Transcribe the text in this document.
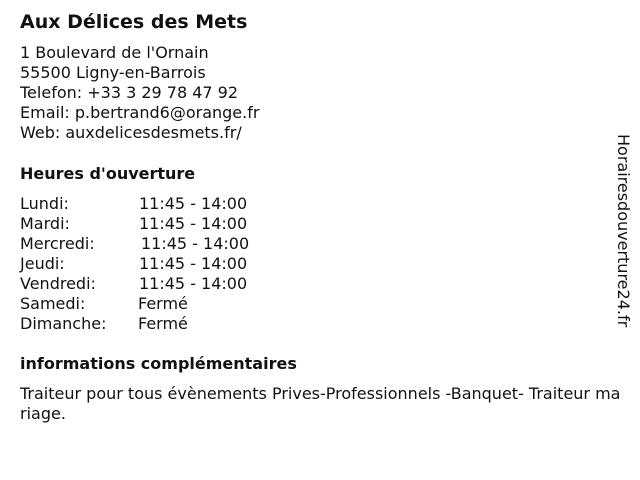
Aux Délices des Mets
1 Boulevard de l'Ornain
55500 Ligny-en-Barrois
Telefon: +33 3 29 78 47 92
Email: p.bertrand6@orange.fr
Web: auxdelicesdesmets.fr/
Heures d'ouverture
Lundi:	11:45 - 14:00
Mardi:	11:45 - 14:00
Mercredi:	11:45 - 14:00
Jeudi:	11:45 - 14:00
Vendredi:	11:45 - 14:00
Samedi:	Fermé
Dimanche: Fermé
informations complémentaires
Traiteur pour tous évènements Prives-Professionnels -Banquet- Traiteur mariage.
Horairesdouverture24.fr
